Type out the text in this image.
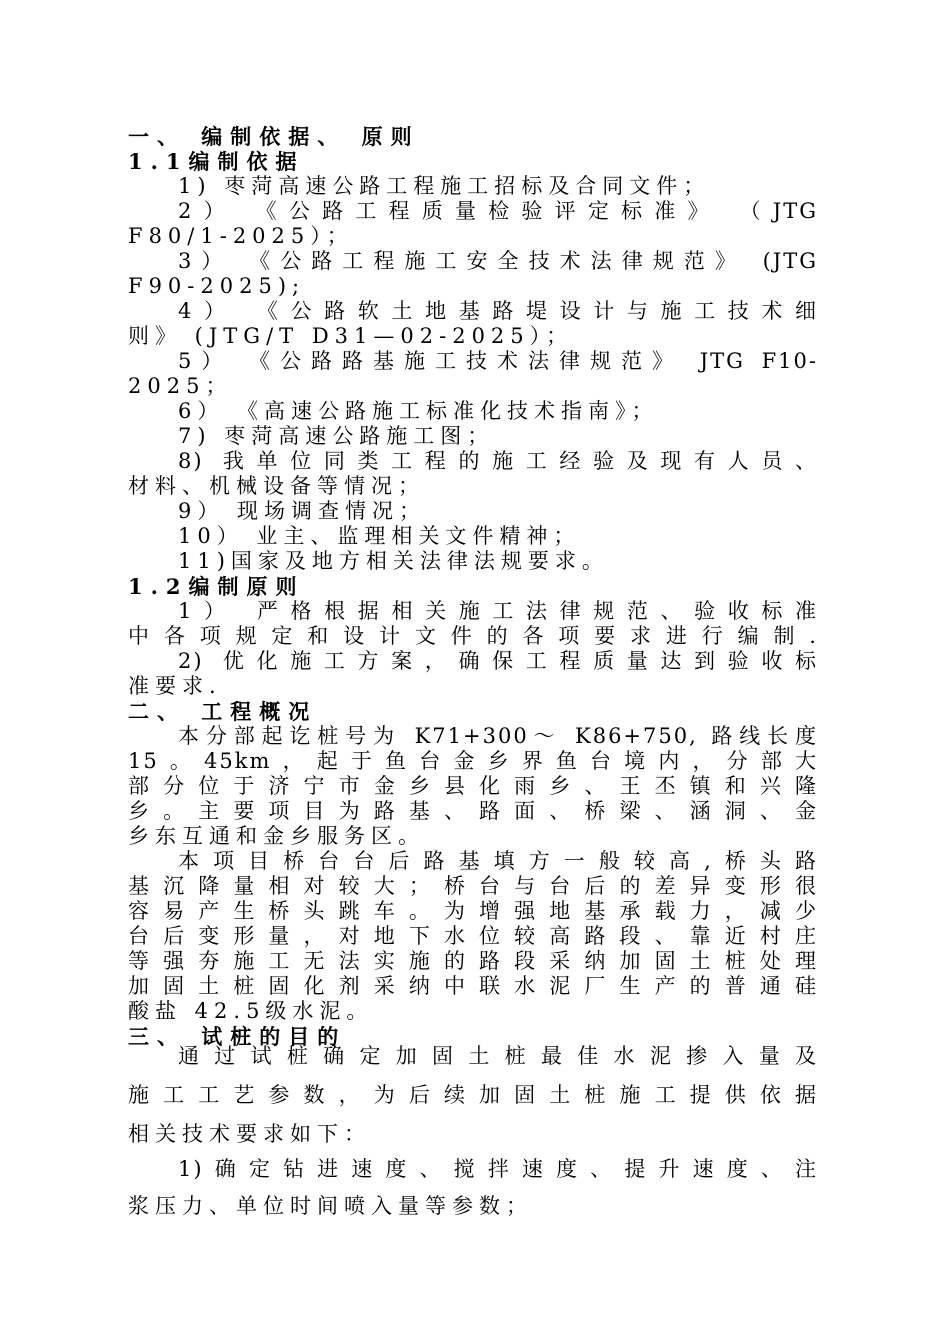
一、 编制依据、 原则
1.1编制依据
1) 枣菏高速公路工程施工招标及合同文件；
2） 《公路工程质量检验评定标准》 （JTG
F80/1-2025）；
3） 《公路工程施工安全技术法律规范》 (JTG
F90-2025);
4） 《公路软土地基路堤设计与施工技术细
则》 (JTG/T D31—02-2025）；
5） 《公路路基施工技术法律规范》 JTG F10-
2025；
6） 《高速公路施工标准化技术指南》；
7) 枣菏高速公路施工图；
8) 我单位同类工程的施工经验及现有人员、
材料、机械设备等情况；
9） 现场调查情况；
10） 业主、监理相关文件精神；
11)国家及地方相关法律法规要求。
1.2编制原则
1） 严格根据相关施工法律规范、验收标准
中各项规定和设计文件的各项要求进行编制.
2) 优化施工方案，确保工程质量达到验收标
准要求.
二、 工程概况
本分部起讫桩号为 K71+300～ K86+750, 路线长度
15。45km，起于鱼台金乡界鱼台境内，分部大
部分位于济宁市金乡县化雨乡、王丕镇和兴隆
乡。主要项目为路基、路面、桥梁、涵洞、金
乡东互通和金乡服务区。
本项目桥台台后路基填方一般较高,桥头路
基沉降量相对较大；桥台与台后的差异变形很
容易产生桥头跳车。为增强地基承载力，减少
台后变形量，对地下水位较高路段、靠近村庄
等强夯施工无法实施的路段采纳加固土桩处理
加固土桩固化剂采纳中联水泥厂生产的普通硅
酸盐 42.5级水泥。
三、 试桩的目的
通过试桩确定加固土桩最佳水泥掺入量及
施工工艺参数，为后续加固土桩施工提供依据
相关技术要求如下：
1)确定钻进速度、搅拌速度、提升速度、注
浆压力、单位时间喷入量等参数；
